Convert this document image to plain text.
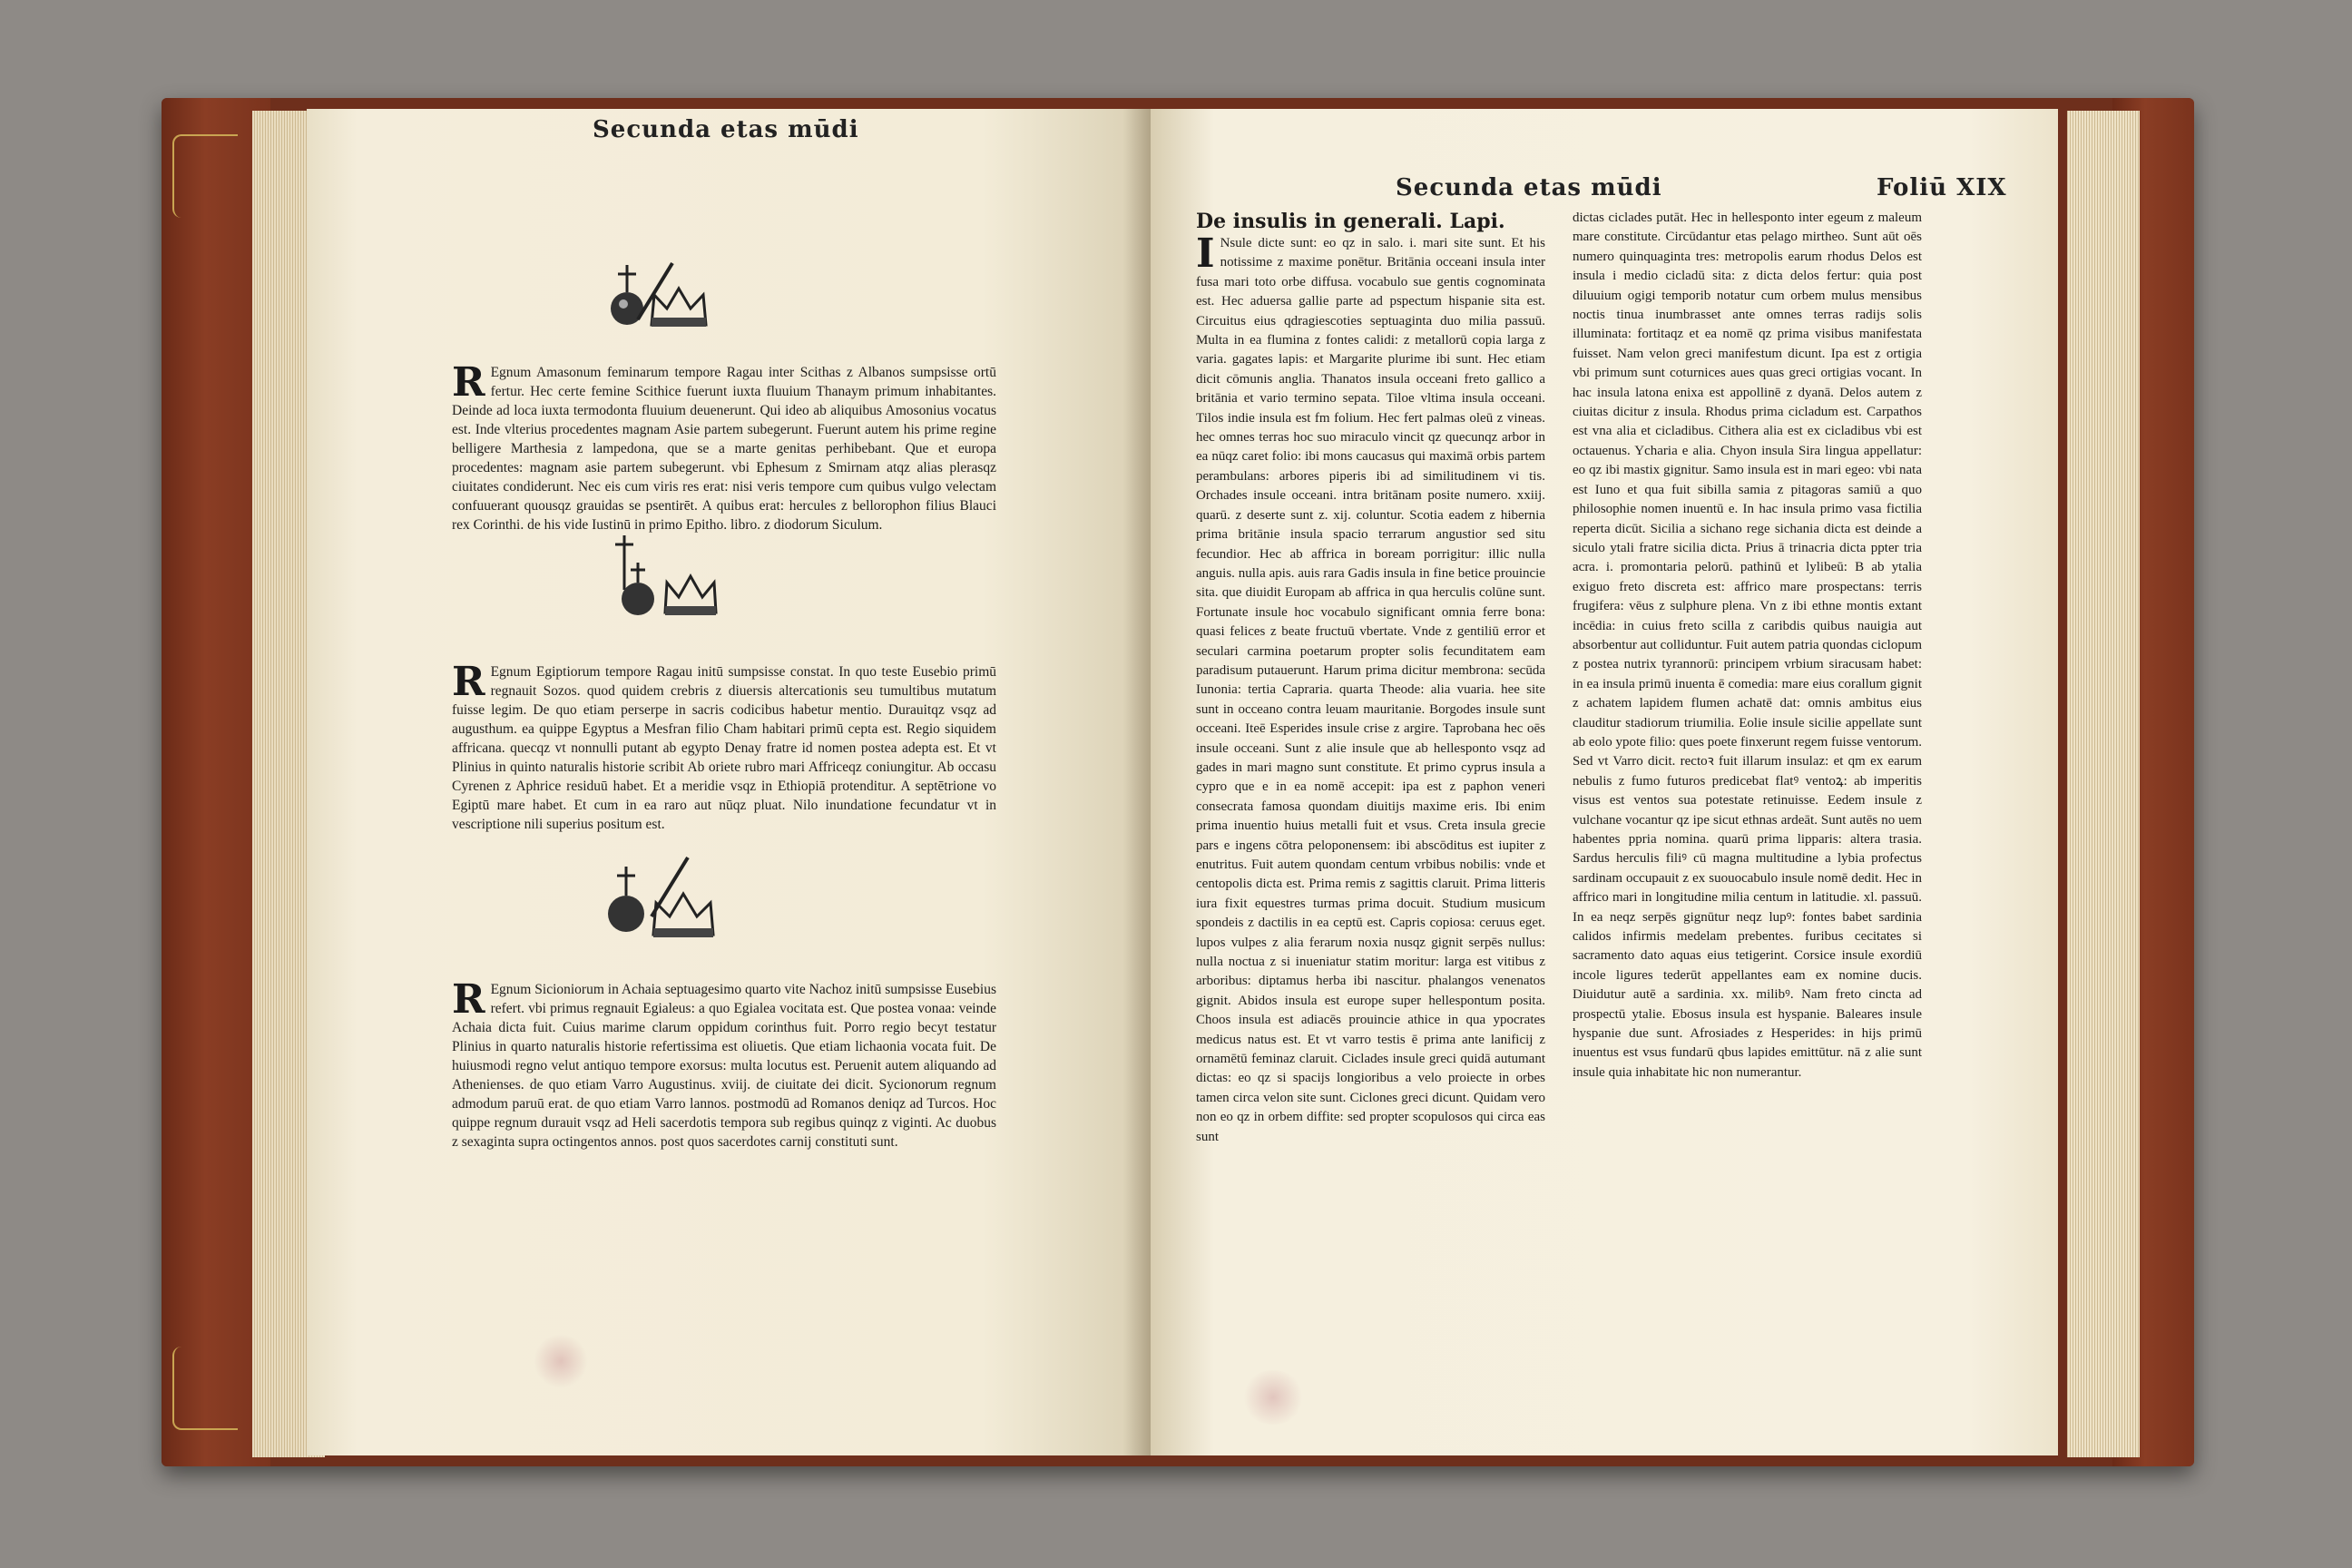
Secunda etas mūdi
R Egnum Amasonum feminarum tempore Ragau inter Scithas z Albanos sumpsisse ortū fertur. Hec certe femine Scithice fuerunt iuxta fluuium Thanaym primum inhabitantes. Deinde ad loca iuxta termodonta fluuium deuenerunt. Qui ideo ab aliquibus Amosonius vocatus est. Inde vlterius procedentes magnam Asie partem subegerunt. Fuerunt autem his prime regine belligere Marthesia z lampedona, que se a marte genitas perhibebant. Que et europa procedentes: magnam asie partem subegerunt. vbi Ephesum z Smirnam atqz alias plerasqz ciuitates condiderunt. Nec eis cum viris res erat: nisi veris tempore cum quibus vulgo velectam confuuerant quousqz grauidas se psentirēt. A quibus erat: hercules z bellorophon filius Blauci rex Corinthi. de his vide Iustinū in primo Epitho. libro. z diodorum Siculum.
R Egnum Egiptiorum tempore Ragau initū sumpsisse constat. In quo teste Eusebio primū regnauit Sozos. quod quidem crebris z diuersis altercationis seu tumultibus mutatum fuisse legim. De quo etiam perserpe in sacris codicibus habetur mentio. Durauitqz vsqz ad augusthum. ea quippe Egyptus a Mesfran filio Cham habitari primū cepta est. Regio siquidem affricana. quecqz vt nonnulli putant ab egypto Denay fratre id nomen postea adepta est. Et vt Plinius in quinto naturalis historie scribit Ab oriete rubro mari Affriceqz coniungitur. Ab occasu Cyrenen z Aphrice residuū habet. Et a meridie vsqz in Ethiopiā protenditur. A septētrione vo Egiptū mare habet. Et cum in ea raro aut nūqz pluat. Nilo inundatione fecundatur vt in vescriptione nili superius positum est.
R Egnum Sicioniorum in Achaia septuagesimo quarto vite Nachoz initū sumpsisse Eusebius refert. vbi primus regnauit Egialeus: a quo Egialea vocitata est. Que postea vonaa: veinde Achaia dicta fuit. Cuius marime clarum oppidum corinthus fuit. Porro regio becyt testatur Plinius in quarto naturalis historie refertissima est oliuetis. Que etiam lichaonia vocata fuit. De huiusmodi regno velut antiquo tempore exorsus: multa locutus est. Peruenit autem aliquando ad Athenienses. de quo etiam Varro Augustinus. xviij. de ciuitate dei dicit. Sycionorum regnum admodum paruū erat. de quo etiam Varro lannos. postmodū ad Romanos deniqz ad Turcos. Hoc quippe regnum durauit vsqz ad Heli sacerdotis tempora sub regibus quinqz z viginti. Ac duobus z sexaginta supra octingentos annos. post quos sacerdotes carnij constituti sunt.
Secunda etas mūdi	Foliū XIX
De insulis in generali. Lapi.
I Nsule dicte sunt: eo qz in salo. i. mari site sunt. Et his notissime z maxime ponētur. Britānia occeani insula inter fusa mari toto orbe diffusa. vocabulo sue gentis cognominata est. Hec aduersa gallie parte ad pspectum hispanie sita est. Circuitus eius qdragiescoties septuaginta duo milia passuū. Multa in ea flumina z fontes calidi: z metallorū copia larga z varia. gagates lapis: et Margarite plurime ibi sunt. Hec etiam dicit cōmunis anglia. Thanatos insula occeani freto gallico a britānia et vario termino sepata. Tiloe vltima insula occeani. Tilos indie insula est fm folium. Hec fert palmas oleū z vineas. hec omnes terras hoc suo miraculo vincit qz quecunqz arbor in ea nūqz caret folio: ibi mons caucasus qui maximā orbis partem perambulans: arbores piperis ibi ad similitudinem vi tis. Orchades insule occeani. intra britānam posite numero. xxiij. quarū. z deserte sunt z. xij. coluntur. Scotia eadem z hibernia prima britānie insula spacio terrarum angustior sed situ fecundior. Hec ab affrica in boream porrigitur: illic nulla anguis. nulla apis. auis rara Gadis insula in fine betice prouincie sita. que diuidit Europam ab affrica in qua herculis colūne sunt. Fortunate insule hoc vocabulo significant omnia ferre bona: quasi felices z beate fructuū vbertate. Vnde z gentiliū error et seculari carmina poetarum propter solis fecunditatem eam paradisum putauerunt. Harum prima dicitur membrona: secūda Iunonia: tertia Capraria. quarta Theode: alia vuaria. hee site sunt in occeano contra leuam mauritanie. Borgodes insule sunt occeani. Iteē Esperides insule crise z argire. Taprobana hec oēs insule occeani. Sunt z alie insule que ab hellesponto vsqz ad gades in mari magno sunt constitute. Et primo cyprus insula a cypro que e in ea nomē accepit: ipa est z paphon veneri consecrata famosa quondam diuitijs maxime eris. Ibi enim prima inuentio huius metalli fuit et vsus. Creta insula grecie pars e ingens cōtra peloponensem: ibi abscōditus est iupiter z enutritus. Fuit autem quondam centum vrbibus nobilis: vnde et centopolis dicta est. Prima remis z sagittis claruit. Prima litteris iura fixit equestres turmas prima docuit. Studium musicum spondeis z dactilis in ea ceptū est. Capris copiosa: ceruus eget. lupos vulpes z alia ferarum noxia nusqz gignit serpēs nullus: nulla noctua z si inueniatur statim moritur: larga est vitibus z arboribus: diptamus herba ibi nascitur. phalangos venenatos gignit. Abidos insula est europe super hellespontum posita. Choos insula est adiacēs prouincie athice in qua ypocrates medicus natus est. Et vt varro testis ē prima ante lanificij z ornamētū feminaz claruit. Ciclades insule greci quidā autumant dictas: eo qz si spacijs longioribus a velo proiecte in orbes tamen circa velon site sunt. Ciclones greci dicunt. Quidam vero non eo qz in orbem diffite: sed propter scopulosos qui circa eas sunt
dictas ciclades putāt. Hec in hellesponto inter egeum z maleum mare constitute. Circūdantur etas pelago mirtheo. Sunt aūt oēs numero quinquaginta tres: metropolis earum rhodus Delos est insula i medio cicladū sita: z dicta delos fertur: quia post diluuium ogigi temporib notatur cum orbem mulus mensibus noctis tinua inumbrasset ante omnes terras radijs solis illuminata: fortitaqz et ea nomē qz prima visibus manifestata fuisset. Nam velon greci manifestum dicunt. Ipa est z ortigia vbi primum sunt coturnices aues quas greci ortigias vocant. In hac insula latona enixa est appollinē z dyanā. Delos autem z ciuitas dicitur z insula. Rhodus prima cicladum est. Carpathos est vna alia et cicladibus. Cithera alia est ex cicladibus vbi est octauenus. Ycharia e alia. Chyon insula Sira lingua appellatur: eo qz ibi mastix gignitur. Samo insula est in mari egeo: vbi nata est Iuno et qua fuit sibilla samia z pitagoras samiū a quo philosophie nomen inuentū e. In hac insula primo vasa fictilia reperta dicūt. Sicilia a sichano rege sichania dicta est deinde a siculo ytali fratre sicilia dicta. Prius ā trinacria dicta ppter tria acra. i. promontaria pelorū. pathinū et lylibeū: B ab ytalia exiguo freto discreta est: affrico mare prospectans: terris frugifera: vēus z sulphure plena. Vn z ibi ethne montis extant incēdia: in cuius freto scilla z caribdis quibus nauigia aut absorbentur aut colliduntur. Fuit autem patria quondas ciclopum z postea nutrix tyrannorū: principem vrbium siracusam habet: in ea insula primū inuenta ē comedia: mare eius corallum gignit z achatem lapidem flumen achatē dat: omnis ambitus eius clauditur stadiorum triumilia. Eolie insule sicilie appellate sunt ab eolo ypote filio: ques poete finxerunt regem fuisse ventorum. Sed vt Varro dicit. rectoꝛ fuit illarum insulaz: et qm ex earum nebulis z fumo futuros predicebat flatꝰ ventoꝝ: ab imperitis visus est ventos sua potestate retinuisse. Eedem insule z vulchane vocantur qz ipe sicut ethnas ardeāt. Sunt autēs no uem habentes ppria nomina. quarū prima lipparis: altera trasia. Sardus herculis filiꝰ cū magna multitudine a lybia profectus sardinam occupauit z ex suouocabulo insule nomē dedit. Hec in affrico mari in longitudine milia centum in latitudie. xl. passuū. In ea neqz serpēs gignūtur neqz lupꝰ: fontes babet sardinia calidos infirmis medelam prebentes. furibus cecitates si sacramento dato aquas eius tetigerint. Corsice insule exordiū incole ligures tederūt appellantes eam ex nomine ducis. Diuidutur autē a sardinia. xx. milibꝰ. Nam freto cincta ad prospectū ytalie. Ebosus insula est hyspanie. Baleares insule hyspanie due sunt. Afrosiades z Hesperides: in hijs primū inuentus est vsus fundarū qbus lapides emittūtur. nā z alie sunt insule quia inhabitate hic non numerantur.
